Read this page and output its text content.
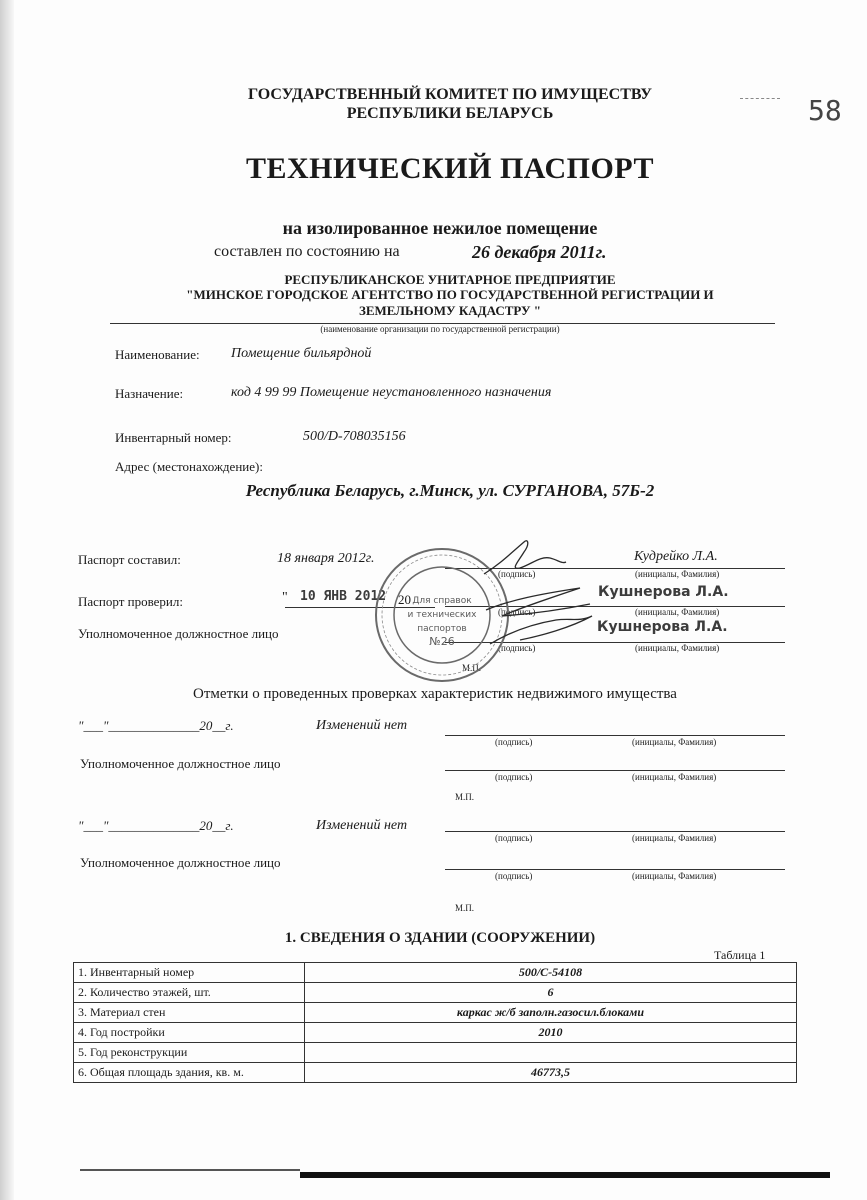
ГОСУДАРСТВЕННЫЙ КОМИТЕТ ПО ИМУЩЕСТВУ
РЕСПУБЛИКИ БЕЛАРУСЬ	58
ТЕХНИЧЕСКИЙ ПАСПОРТ
на изолированное нежилое помещение
составлен по состоянию на	26 декабря 2011г.
РЕСПУБЛИКАНСКОЕ УНИТАРНОЕ ПРЕДПРИЯТИЕ
"МИНСКОЕ ГОРОДСКОЕ АГЕНТСТВО ПО ГОСУДАРСТВЕННОЙ РЕГИСТРАЦИИ И
ЗЕМЕЛЬНОМУ КАДАСТРУ "
(наименование организации по государственной регистрации)
Наименование: Помещение бильярдной
Назначение:	код 4 99 99 Помещение неустановленного назначения
Инвентарный номер:	500/D-708035156
Адрес (местонахождение):
Республика Беларусь, г.Минск, ул. СУРГАНОВА, 57Б-2
Паспорт составил:	18 января 2012г.	Кудрейко Л.А.
(подпись)	(инициалы, Фамилия)
Паспорт проверил:	" 10 ЯНВ 2012 20	Кушнерова Л.А.
(подпись)	(инициалы, Фамилия)
Уполномоченное должностное лицо	Кушнерова Л.А.
(подпись)	(инициалы, Фамилия)
М.П.
Для справок
и технических
паспортов
№26
Отметки о проведенных проверках характеристик недвижимого имущества
"___"______________20__г.	Изменений нет
(подпись)	(инициалы, Фамилия)
Уполномоченное должностное лицо
(подпись)	(инициалы, Фамилия)
М.П.
"___"______________20__г.	Изменений нет
(подпись)	(инициалы, Фамилия)
Уполномоченное должностное лицо
(подпись)	(инициалы, Фамилия)
М.П.
1. СВЕДЕНИЯ О ЗДАНИИ (СООРУЖЕНИИ)
Таблица 1
1. Инвентарный номер	500/C-54108
2. Количество этажей, шт.	6
3. Материал стен	каркас ж/б заполн.газосил.блоками
4. Год постройки	2010
5. Год реконструкции	
6. Общая площадь здания, кв. м.	46773,5
